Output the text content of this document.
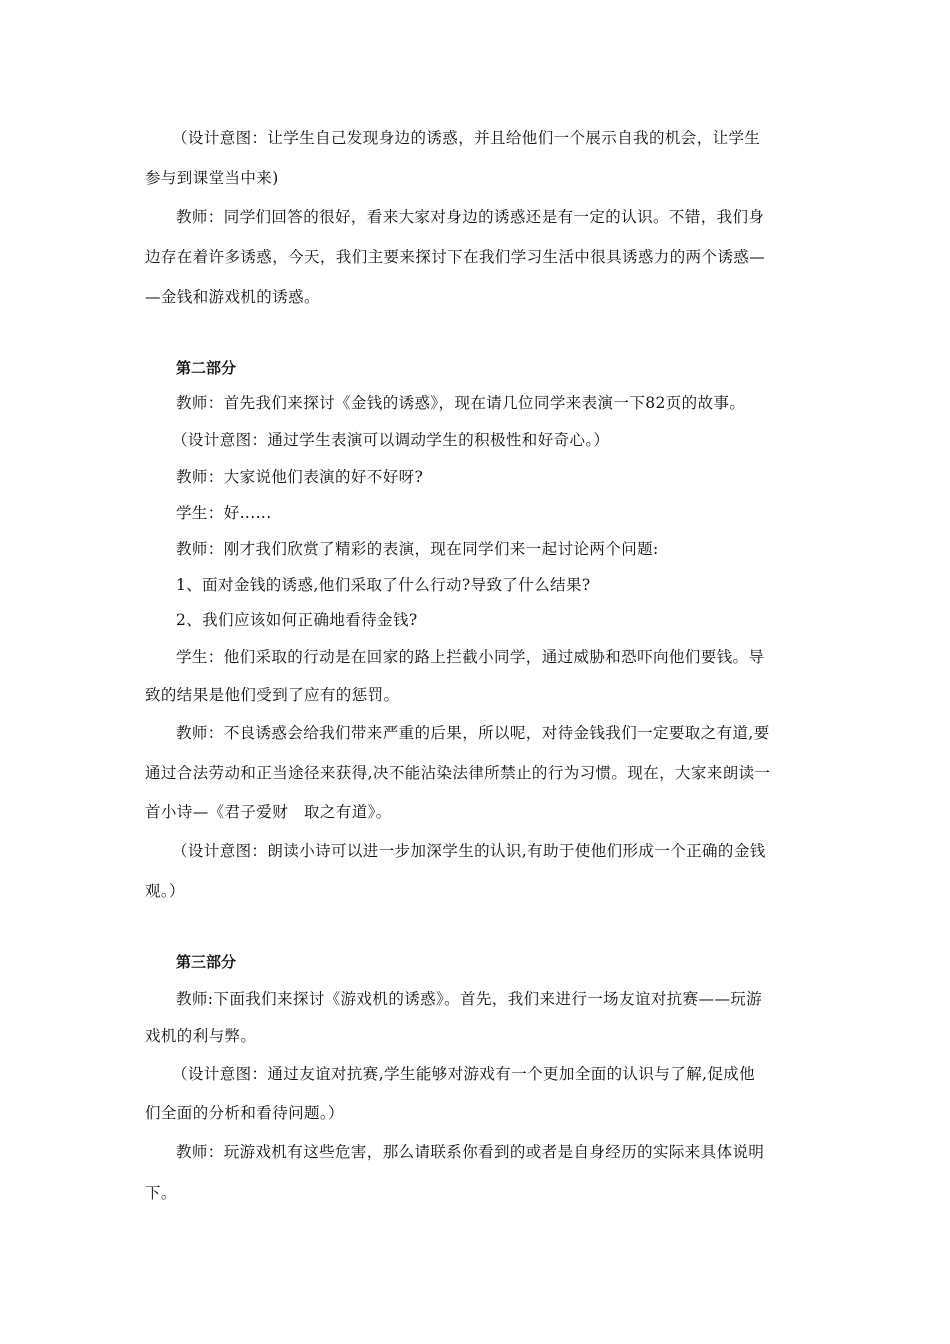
（设计意图：让学生自己发现身边的诱惑，并且给他们一个展示自我的机会，让学生
参与到课堂当中来)
教师：同学们回答的很好，看来大家对身边的诱惑还是有一定的认识。不错，我们身
边存在着许多诱惑，今天，我们主要来探讨下在我们学习生活中很具诱惑力的两个诱惑—
—金钱和游戏机的诱惑。
第二部分
教师：首先我们来探讨《金钱的诱惑》，现在请几位同学来表演一下82页的故事。
（设计意图：通过学生表演可以调动学生的积极性和好奇心。）
教师：大家说他们表演的好不好呀?
学生：好......
教师：刚才我们欣赏了精彩的表演，现在同学们来一起讨论两个问题:
1、面对金钱的诱惑,他们采取了什么行动?导致了什么结果?
2、我们应该如何正确地看待金钱?
学生：他们采取的行动是在回家的路上拦截小同学，通过威胁和恐吓向他们要钱。导
致的结果是他们受到了应有的惩罚。
教师：不良诱惑会给我们带来严重的后果，所以呢，对待金钱我们一定要取之有道,要
通过合法劳动和正当途径来获得,决不能沾染法律所禁止的行为习惯。现在，大家来朗读一
首小诗—《君子爱财　取之有道》。
（设计意图：朗读小诗可以进一步加深学生的认识,有助于使他们形成一个正确的金钱
观。）
第三部分
教师:下面我们来探讨《游戏机的诱惑》。首先，我们来进行一场友谊对抗赛——玩游
戏机的利与弊。
（设计意图：通过友谊对抗赛,学生能够对游戏有一个更加全面的认识与了解,促成他
们全面的分析和看待问题。）
教师：玩游戏机有这些危害，那么请联系你看到的或者是自身经历的实际来具体说明
下。
